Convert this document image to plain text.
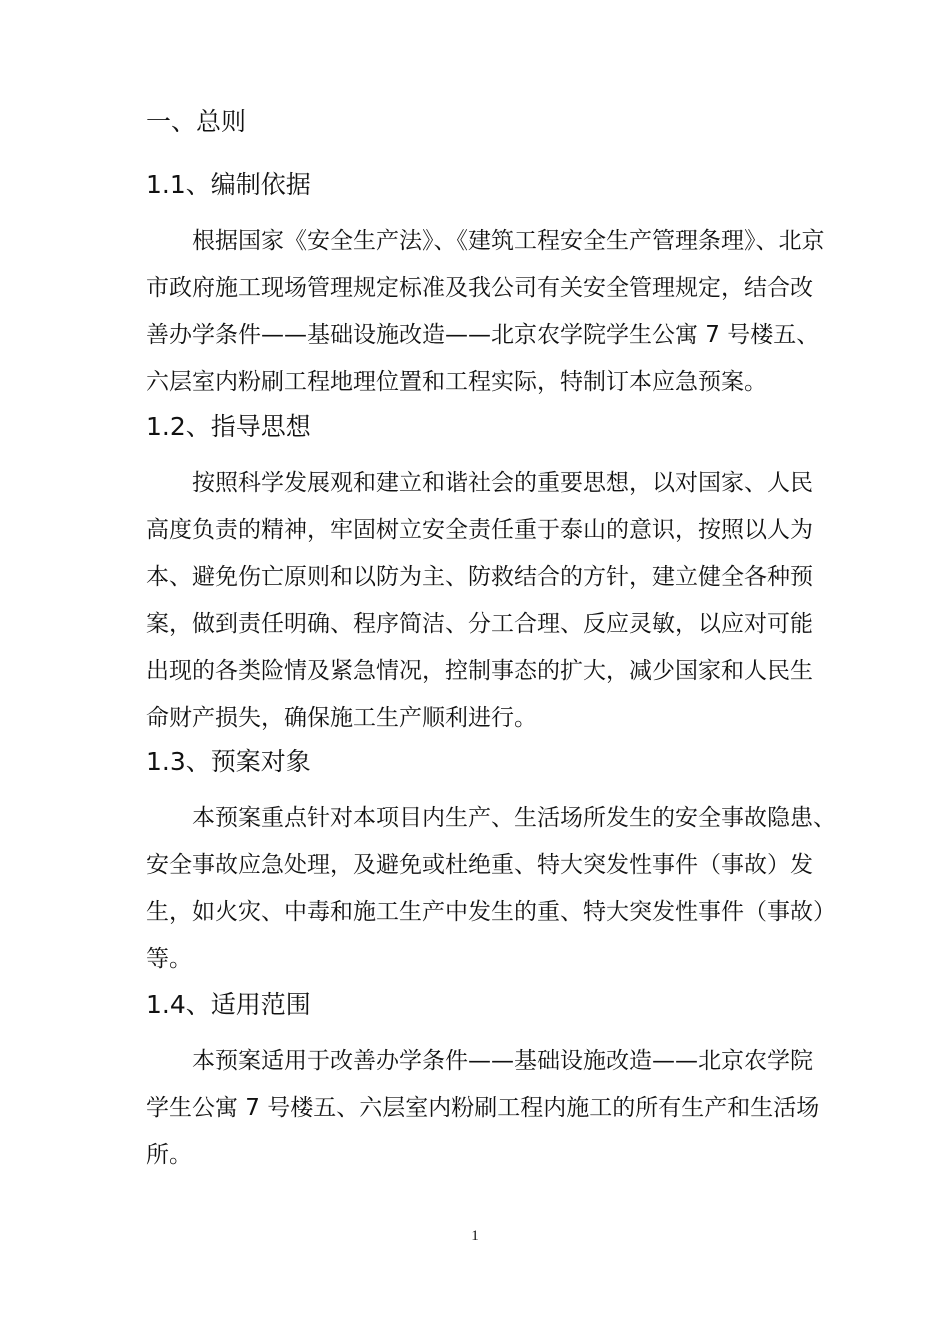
一、总则
1.1、编制依据
根据国家《安全生产法》、《建筑工程安全生产管理条理》、北京
市政府施工现场管理规定标准及我公司有关安全管理规定，结合改
善办学条件——基础设施改造——北京农学院学生公寓 7 号楼五、
六层室内粉刷工程地理位置和工程实际，特制订本应急预案。
1.2、指导思想
按照科学发展观和建立和谐社会的重要思想，以对国家、人民
高度负责的精神，牢固树立安全责任重于泰山的意识，按照以人为
本、避免伤亡原则和以防为主、防救结合的方针，建立健全各种预
案，做到责任明确、程序简洁、分工合理、反应灵敏，以应对可能
出现的各类险情及紧急情况，控制事态的扩大，减少国家和人民生
命财产损失，确保施工生产顺利进行。
1.3、预案对象
本预案重点针对本项目内生产、生活场所发生的安全事故隐患、
安全事故应急处理，及避免或杜绝重、特大突发性事件（事故）发
生，如火灾、中毒和施工生产中发生的重、特大突发性事件（事故）
等。
1.4、适用范围
本预案适用于改善办学条件——基础设施改造——北京农学院
学生公寓 7 号楼五、六层室内粉刷工程内施工的所有生产和生活场
所。
1
